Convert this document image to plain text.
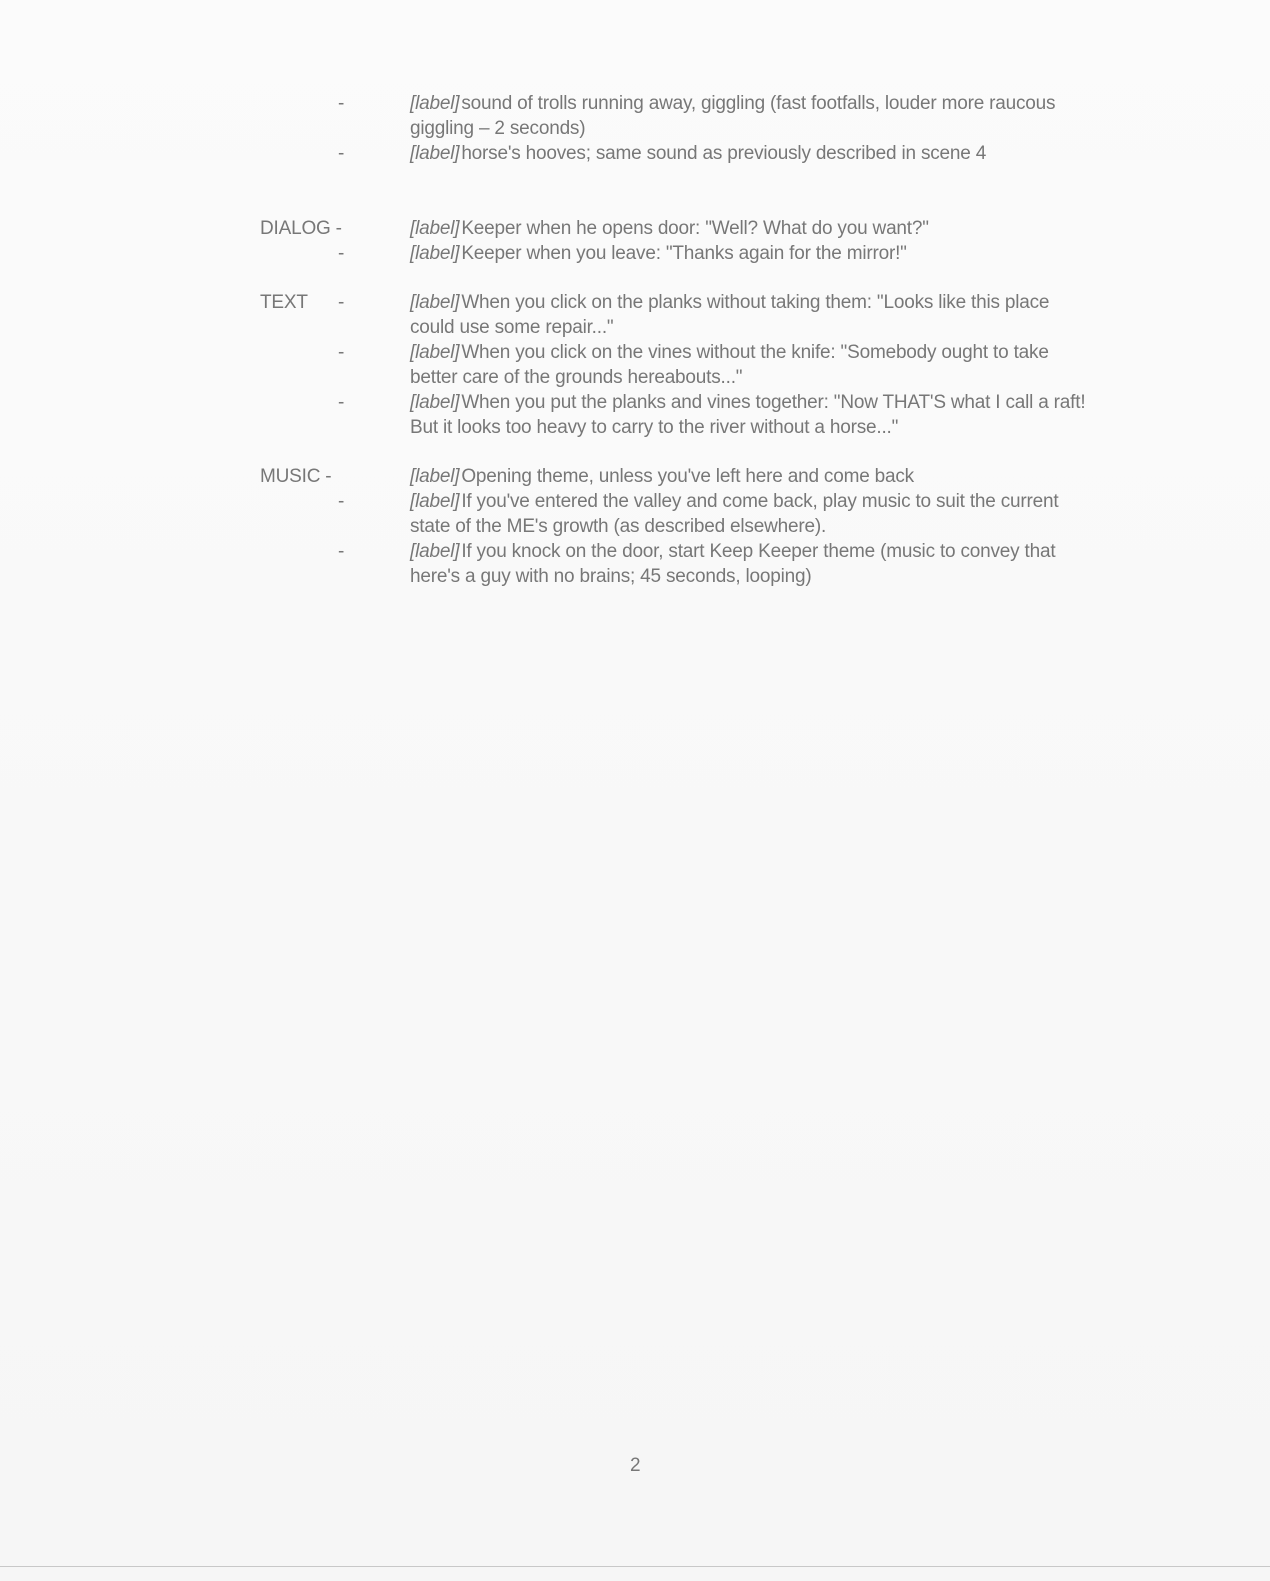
-	[label] sound of trolls running away, giggling (fast footfalls, louder more raucous giggling – 2 seconds)
-	[label] horse's hooves; same sound as previously described in scene 4
DIALOG -	[label] Keeper when he opens door: "Well? What do you want?"
-	[label] Keeper when you leave: "Thanks again for the mirror!"
TEXT	-	[label] When you click on the planks without taking them: "Looks like this place could use some repair..."
-	[label] When you click on the vines without the knife: "Somebody ought to take better care of the grounds hereabouts..."
-	[label] When you put the planks and vines together: "Now THAT'S what I call a raft! But it looks too heavy to carry to the river without a horse..."
MUSIC -	[label] Opening theme, unless you've left here and come back
-	[label] If you've entered the valley and come back, play music to suit the current state of the ME's growth (as described elsewhere).
-	[label] If you knock on the door, start Keep Keeper theme (music to convey that here's a guy with no brains; 45 seconds, looping)
2
